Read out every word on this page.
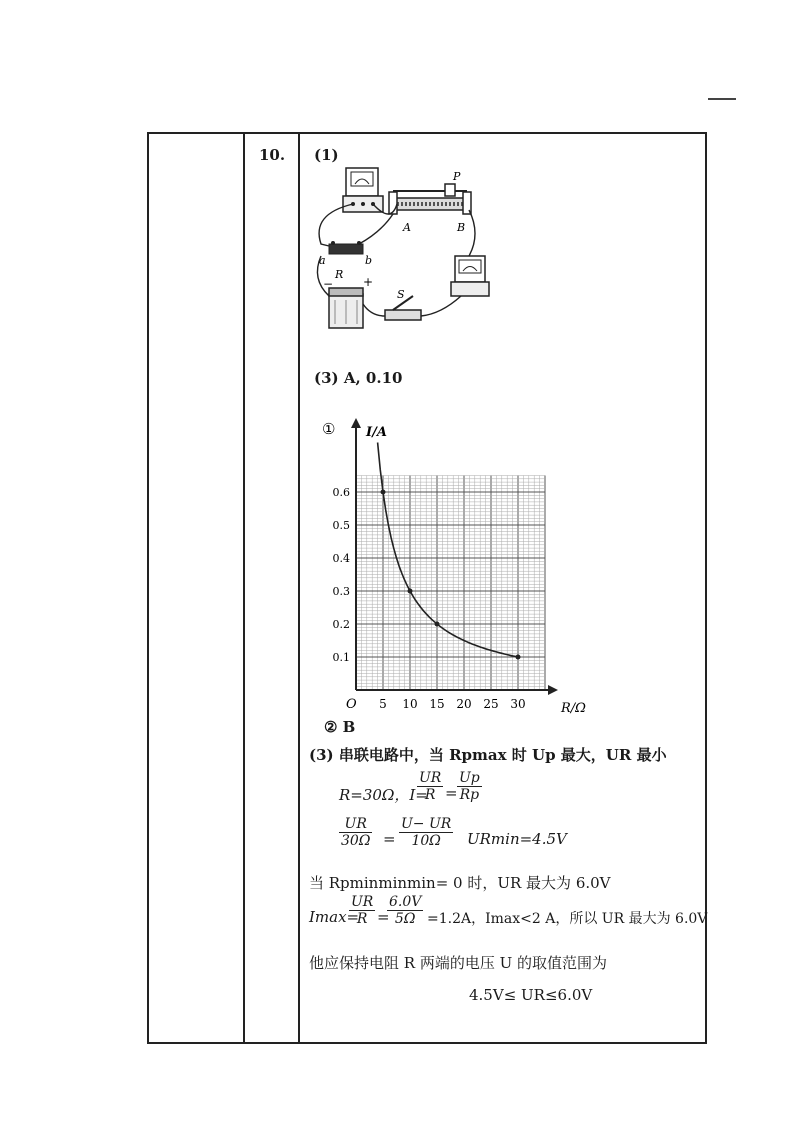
10. (1)
P
A	B
a	b
R
− +
S
(3) A, 0.10
① I/A
R/Ω
O 5 10 15 20 25 30
0.1
0.2
0.3
0.4
0.5
0.6
② B
(3) 串联电路中，当 Rpmax 时 Up 最大，UR 最小
R=30Ω，I=
$\frac{UR}{R} = \frac{Up}{Rp}$
$\frac{UR}{30\Omega} = \frac{U- UR}{10\Omega} URmin=4.5V$
当 Rpminminmin= 0 时，UR 最大为 6.0V
Imax=
$\frac{UR}{R}$ =
$\frac{6.0V}{5\Omega} =1.2A$，Imax<2 A，所以 UR 最大为 6.0V
他应保持电阻 R 两端的电压 U 的取值范围为
4.5V≤ UR≤6.0V
